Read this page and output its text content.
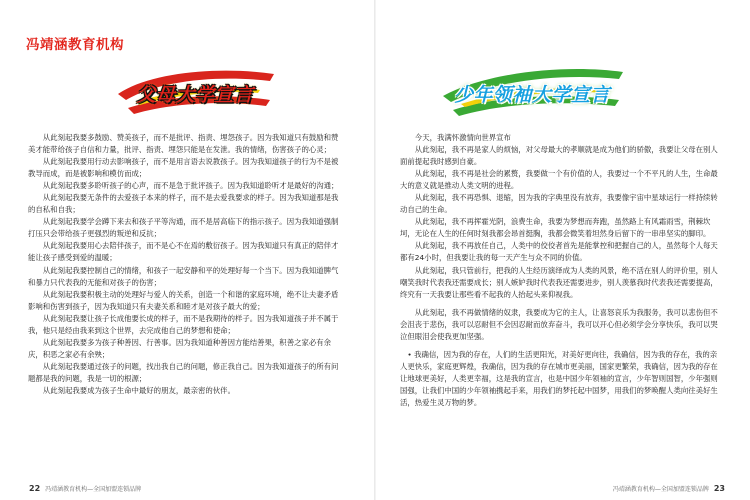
冯靖涵教育机构
父母大学宣言	少年领袖大学宣言

从此刻起我要多鼓励、赞美孩子，而不是批评、指责、埋怨孩子。因为我知道只有鼓励和赞美才能带给孩子自信和力量，批评、指责、埋怨只能是在发泄。我的情绪，伤害孩子的心灵；

从此刻起我要用行动去影响孩子，而不是用言语去说教孩子。因为我知道孩子的行为不是被教导而成，而是被影响和模仿而成；

从此刻起我要多聆听孩子的心声，而不是急于批评孩子。因为我知道聆听才是最好的沟通；

从此刻起我要无条件的去爱孩子本来的样子，而不是去爱我要求的样子。因为我知道那是我的自私和自我；

从此刻起我要学会蹲下来去和孩子平等沟通，而不是居高临下的指示孩子。因为我知道强制打压只会带给孩子更强烈的叛逆和反抗；

从此刻起我要用心去陪伴孩子，而不是心不在焉的敷衍孩子。因为我知道只有真正的陪伴才能让孩子感受到爱的温暖；

从此刻起我要控制自己的情绪，和孩子一起安静和平的处理好每一个当下。因为我知道脾气和暴力只代表我的无能和对孩子的伤害；

从此刻起我要积极主动的处理好与爱人的关系，创造一个和谐的家庭环境，绝不让夫妻矛盾影响和伤害到孩子，因为我知道只有夫妻关系和睦才是对孩子最大的爱；

从此刻起我要让孩子长成他要长成的样子，而不是我期待的样子。因为我知道孩子并不属于我，他只是经由我来到这个世界，去完成他自己的梦想和使命；

从此刻起我要多为孩子种善因、行善事。因为我知道种善因方能结善果，积善之家必有余庆，积恶之家必有余殃；

从此刻起我要通过孩子的问题，找出我自己的问题，修正我自己。因为我知道孩子的所有问题都是我的问题，我是一切的根源；

从此刻起我要成为孩子生命中最好的朋友，最亲密的伙伴。

今天，我满怀激情向世界宣布

从此刻起，我不再是家人的烦恼，对父母最大的孝顺就是成为他们的骄傲，我要让父母在别人面前提起我时感到自豪。

从此刻起，我不再是社会的累赘，我要做一个有价值的人，我要过一个不平凡的人生，生命最大的意义就是推动人类文明的进程。

从此刻起，我不再恐惧、退缩，因为我的字典里没有放弃，我要像宇宙中星球运行一样持续转动自己的生命。

从此刻起，我不再挥霍光阴，浪费生命，我要为梦想而奔跑，虽然路上有风霜雨雪，荆棘坎坷，无论在人生的任何时刻我都会昂首挺胸，我都会微笑着坦然身后留下的一串串坚实的脚印。

从此刻起，我不再放任自己，人类中的佼佼者首先是能掌控和把握自己的人，虽然每个人每天都有24小时，但我要让我的每一天产生与众不同的价值。

从此刻起，我只管前行，把我的人生经历演绎成为人类的风景，绝不活在别人的评价里，别人嘲笑我时代表我还需要成长；别人嫉妒我时代表我还需要进步，别人羡慕我时代表我还需要提高，终究有一天我要让那些看不起我的人抬起头来仰视我。

从此刻起，我不再做情绪的奴隶，我要成为它的主人，让喜怒哀乐为我服务，我可以悲伤但不会沮丧于悲伤，我可以忍耐但不会因忍耐而放弃奋斗，我可以开心但必须学会分享快乐，我可以哭泣但眼泪会使我更加坚强。

• 我确信，因为我的存在，人们的生活更阳光，对美好更向往，我确信，因为我的存在，我的亲人更快乐，家庭更辉煌，我确信，因为我的存在城市更美丽，国家更繁荣，我确信，因为我的存在让地球更美好，人类更幸福，这是我的宣言，也是中国少年领袖的宣言，少年智则国智，少年强则国强，让我们中国的少年领袖携起手来，用我们的梦托起中国梦，用我们的梦唤醒人类向往美好生活，热爱生灵万物的梦。

22 冯靖涵教育机构—全国加盟连锁品牌	冯靖涵教育机构—全国加盟连锁品牌 23
